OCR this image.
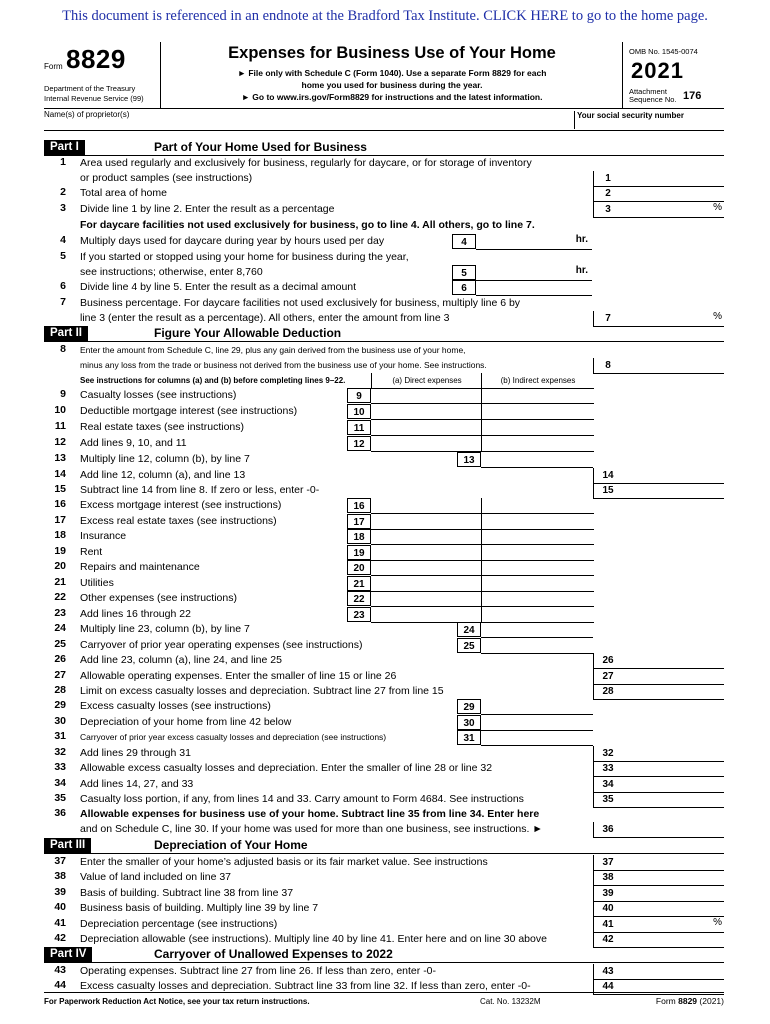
This document is referenced in an endnote at the Bradford Tax Institute. CLICK HERE to go to the home page.
Form 8829
Department of the Treasury
Internal Revenue Service (99)
Expenses for Business Use of Your Home
► File only with Schedule C (Form 1040). Use a separate Form 8829 for each
home you used for business during the year.
► Go to www.irs.gov/Form8829 for instructions and the latest information.
OMB No. 1545-0074
2021
Attachment
Sequence No. 176
Name(s) of proprietor(s)	Your social security number
Part I	Part of Your Home Used for Business
1 Area used regularly and exclusively for business, regularly for daycare, or for storage of inventory
or product samples (see instructions)	1
2 Total area of home	2
3 Divide line 1 by line 2. Enter the result as a percentage	3	%
For daycare facilities not used exclusively for business, go to line 4. All others, go to line 7.
4 Multiply days used for daycare during year by hours used per day	4	hr.
5 If you started or stopped using your home for business during the year,
see instructions; otherwise, enter 8,760	5	hr.
6 Divide line 4 by line 5. Enter the result as a decimal amount	6
7 Business percentage. For daycare facilities not used exclusively for business, multiply line 6 by
line 3 (enter the result as a percentage). All others, enter the amount from line 3	7	%
Part II	Figure Your Allowable Deduction
8 Enter the amount from Schedule C, line 29, plus any gain derived from the business use of your home,
minus any loss from the trade or business not derived from the business use of your home. See instructions.	8
See instructions for columns (a) and (b) before completing lines 9–22.	(a) Direct expenses	(b) Indirect expenses
Part III	Depreciation of Your Home
Part IV	Carryover of Unallowed Expenses to 2022
For Paperwork Reduction Act Notice, see your tax return instructions.	Cat. No. 13232M	Form 8829 (2021)
9 Casualty losses (see instructions)	9
10 Deductible mortgage interest (see instructions)	10
11 Real estate taxes (see instructions)	11
12 Add lines 9, 10, and 11	12
13 Multiply line 12, column (b), by line 7	13
14 Add line 12, column (a), and line 13	14
15 Subtract line 14 from line 8. If zero or less, enter -0-	15
16 Excess mortgage interest (see instructions)	16
17 Excess real estate taxes (see instructions)	17
18 Insurance	18
19 Rent	19
20 Repairs and maintenance	20
21 Utilities	21
22 Other expenses (see instructions)	22
23 Add lines 16 through 22	23
24 Multiply line 23, column (b), by line 7	24
25 Carryover of prior year operating expenses (see instructions)	25
26 Add line 23, column (a), line 24, and line 25	26
27 Allowable operating expenses. Enter the smaller of line 15 or line 26	27
28 Limit on excess casualty losses and depreciation. Subtract line 27 from line 15	28
29 Excess casualty losses (see instructions)	29
30 Depreciation of your home from line 42 below	30
31 Carryover of prior year excess casualty losses and depreciation (see instructions)	31
32 Add lines 29 through 31	32
33 Allowable excess casualty losses and depreciation. Enter the smaller of line 28 or line 32	33
34 Add lines 14, 27, and 33	34
35 Casualty loss portion, if any, from lines 14 and 33. Carry amount to Form 4684. See instructions	35
37 Enter the smaller of your home’s adjusted basis or its fair market value. See instructions	37
38 Value of land included on line 37	38
39 Basis of building. Subtract line 38 from line 37	39
40 Business basis of building. Multiply line 39 by line 7	40
41 Depreciation percentage (see instructions)	41	%
42 Depreciation allowable (see instructions). Multiply line 40 by line 41. Enter here and on line 30 above	42
43 Operating expenses. Subtract line 27 from line 26. If less than zero, enter -0-	43
44 Excess casualty losses and depreciation. Subtract line 33 from line 32. If less than zero, enter -0-	44
36 Allowable expenses for business use of your home. Subtract line 35 from line 34. Enter here
and on Schedule C, line 30. If your home was used for more than one business, see instructions. ►	36
